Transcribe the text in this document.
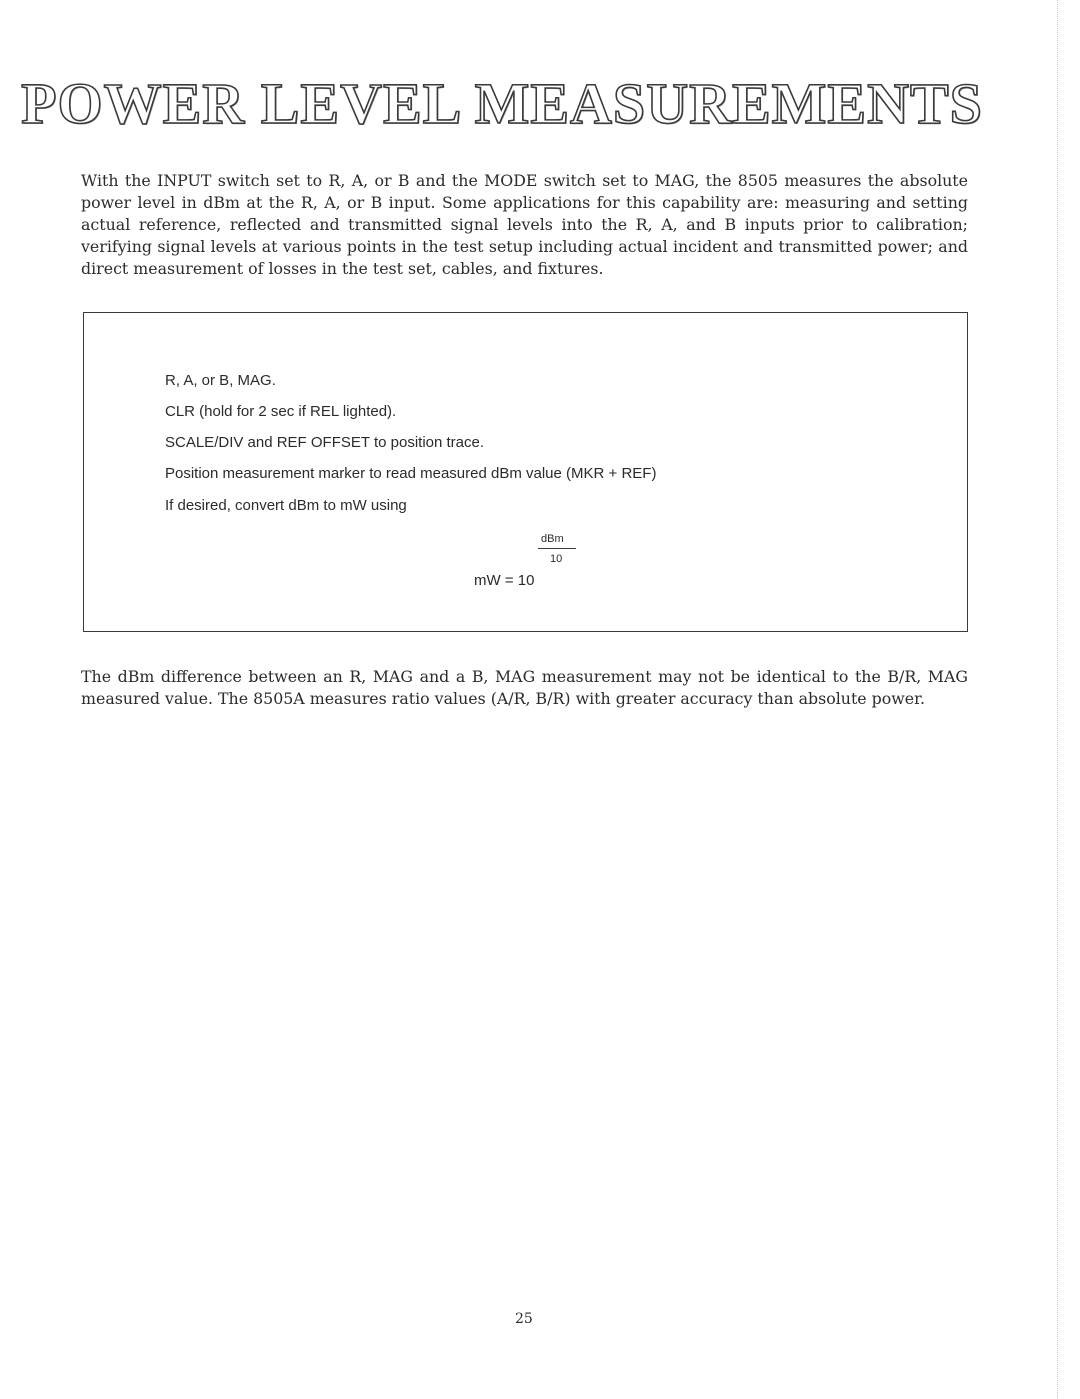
POWER LEVEL MEASUREMENTS

With the INPUT switch set to R, A, or B and the MODE switch set to MAG, the 8505 measures the absolute power level in dBm at the R, A, or B input. Some applications for this capability are: measuring and setting actual reference, reflected and transmitted signal levels into the R, A, and B inputs prior to calibration; verifying signal levels at various points in the test setup including actual incident and transmitted power; and direct measurement of losses in the test set, cables, and fixtures.

R, A, or B, MAG.
CLR (hold for 2 sec if REL lighted).
SCALE/DIV and REF OFFSET to position trace.
Position measurement marker to read measured dBm value (MKR + REF)
If desired, convert dBm to mW using
dBm
10
mW = 10

The dBm difference between an R, MAG and a B, MAG measurement may not be identical to the B/R, MAG measured value. The 8505A measures ratio values (A/R, B/R) with greater accuracy than absolute power.

25
